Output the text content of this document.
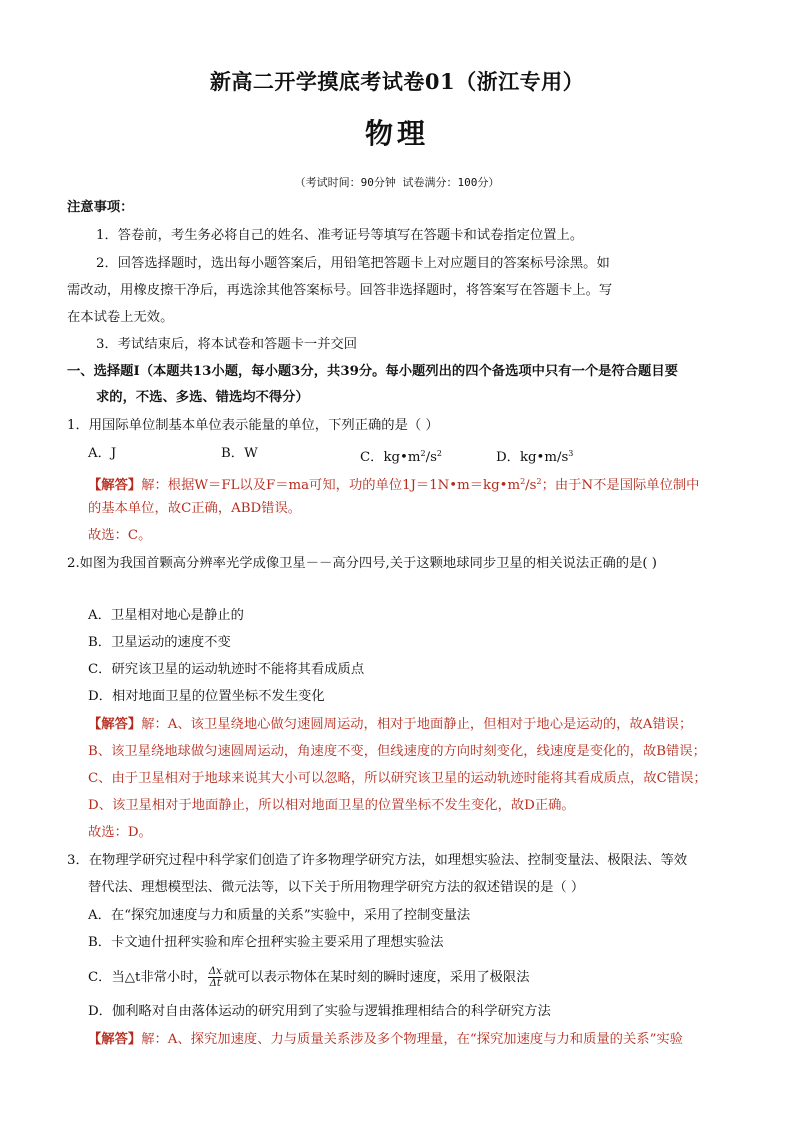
新高二开学摸底考试卷01（浙江专用）
物理
（考试时间：90分钟 试卷满分：100分）
注意事项：
1．答卷前，考生务必将自己的姓名、准考证号等填写在答题卡和试卷指定位置上。
2．回答选择题时，选出每小题答案后，用铅笔把答题卡上对应题目的答案标号涂黑。如
需改动，用橡皮擦干净后，再选涂其他答案标号。回答非选择题时，将答案写在答题卡上。写
在本试卷上无效。
3．考试结束后，将本试卷和答题卡一并交回
一、选择题Ⅰ（本题共13小题，每小题3分，共39分。每小题列出的四个备选项中只有一个是符合题目要
求的，不选、多选、错选均不得分）
1．用国际单位制基本单位表示能量的单位，下列正确的是（ ）
A．J	B．W	C．$kg•m^2/s^2$	D．$kg•m/s^3$
【解答】解：根据W＝FL以及F＝ma可知，功的单位$1J=1N•m=kg•m^2/s^2$；由于N不是国际单位制中
的基本单位，故C正确，ABD错误。
故选：C。
2.如图为我国首颗高分辨率光学成像卫星－－高分四号,关于这颗地球同步卫星的相关说法正确的是( )
A．卫星相对地心是静止的
B．卫星运动的速度不变
C．研究该卫星的运动轨迹时不能将其看成质点
D．相对地面卫星的位置坐标不发生变化
【解答】解：A、该卫星绕地心做匀速圆周运动，相对于地面静止，但相对于地心是运动的，故A错误；
B、该卫星绕地球做匀速圆周运动，角速度不变，但线速度的方向时刻变化，线速度是变化的，故B错误；
C、由于卫星相对于地球来说其大小可以忽略，所以研究该卫星的运动轨迹时能将其看成质点，故C错误；
D、该卫星相对于地面静止，所以相对地面卫星的位置坐标不发生变化，故D正确。
故选：D。
3．在物理学研究过程中科学家们创造了许多物理学研究方法，如理想实验法、控制变量法、极限法、等效
替代法、理想模型法、微元法等，以下关于所用物理学研究方法的叙述错误的是（ ）
A．在“探究加速度与力和质量的关系”实验中，采用了控制变量法
B．卡文迪什扭秤实验和库仑扭秤实验主要采用了理想实验法
C．当△t非常小时， $\frac{\Delta x}{\Delta t}$ 就可以表示物体在某时刻的瞬时速度，采用了极限法
D．伽利略对自由落体运动的研究用到了实验与逻辑推理相结合的科学研究方法
【解答】解：A、探究加速度、力与质量关系涉及多个物理量，在“探究加速度与力和质量的关系”实验
